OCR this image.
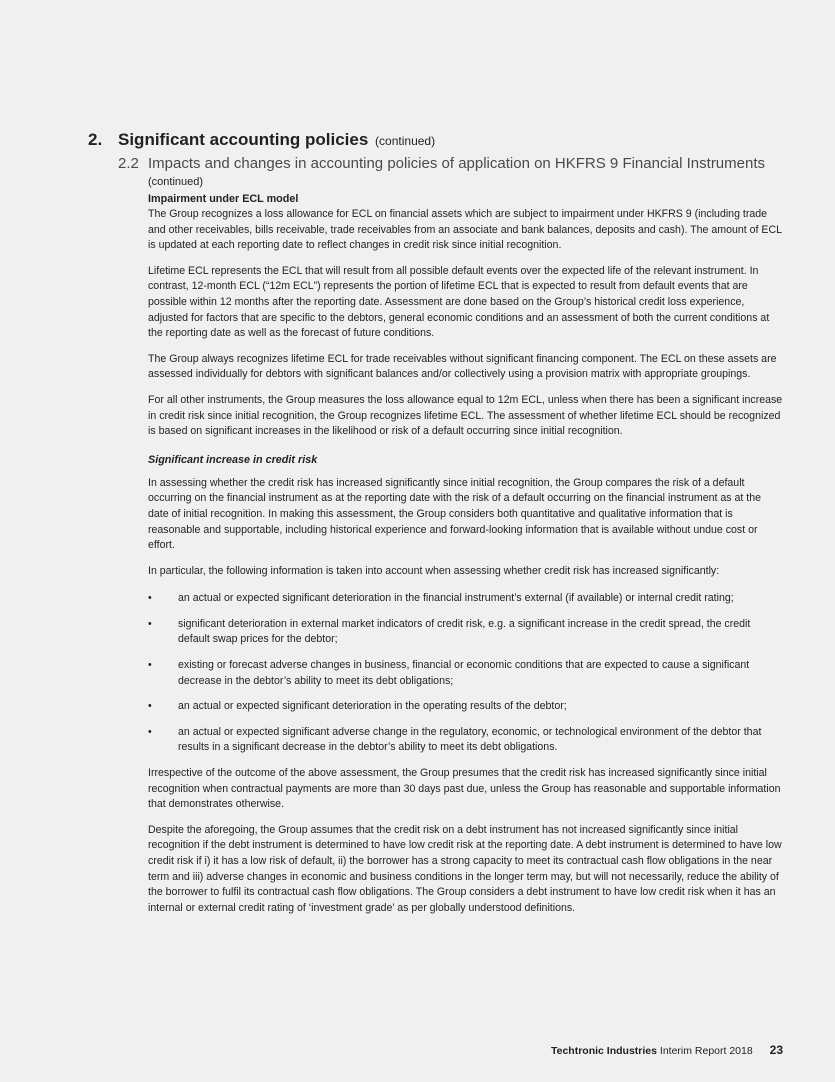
2. Significant accounting policies (continued)
2.2 Impacts and changes in accounting policies of application on HKFRS 9 Financial Instruments
(continued)
Impairment under ECL model

The Group recognizes a loss allowance for ECL on financial assets which are subject to impairment under HKFRS 9 (including trade and other receivables, bills receivable, trade receivables from an associate and bank balances, deposits and cash). The amount of ECL is updated at each reporting date to reflect changes in credit risk since initial recognition.

Lifetime ECL represents the ECL that will result from all possible default events over the expected life of the relevant instrument. In contrast, 12-month ECL (“12m ECL”) represents the portion of lifetime ECL that is expected to result from default events that are possible within 12 months after the reporting date. Assessment are done based on the Group’s historical credit loss experience, adjusted for factors that are specific to the debtors, general economic conditions and an assessment of both the current conditions at the reporting date as well as the forecast of future conditions.

The Group always recognizes lifetime ECL for trade receivables without significant financing component. The ECL on these assets are assessed individually for debtors with significant balances and/or collectively using a provision matrix with appropriate groupings.

For all other instruments, the Group measures the loss allowance equal to 12m ECL, unless when there has been a significant increase in credit risk since initial recognition, the Group recognizes lifetime ECL. The assessment of whether lifetime ECL should be recognized is based on significant increases in the likelihood or risk of a default occurring since initial recognition.

Significant increase in credit risk

In assessing whether the credit risk has increased significantly since initial recognition, the Group compares the risk of a default occurring on the financial instrument as at the reporting date with the risk of a default occurring on the financial instrument as at the date of initial recognition. In making this assessment, the Group considers both quantitative and qualitative information that is reasonable and supportable, including historical experience and forward-looking information that is available without undue cost or effort.

In particular, the following information is taken into account when assessing whether credit risk has increased significantly:

• an actual or expected significant deterioration in the financial instrument’s external (if available) or internal credit rating;
• significant deterioration in external market indicators of credit risk, e.g. a significant increase in the credit spread, the credit default swap prices for the debtor;
• existing or forecast adverse changes in business, financial or economic conditions that are expected to cause a significant decrease in the debtor’s ability to meet its debt obligations;
• an actual or expected significant deterioration in the operating results of the debtor;
• an actual or expected significant adverse change in the regulatory, economic, or technological environment of the debtor that results in a significant decrease in the debtor’s ability to meet its debt obligations.

Irrespective of the outcome of the above assessment, the Group presumes that the credit risk has increased significantly since initial recognition when contractual payments are more than 30 days past due, unless the Group has reasonable and supportable information that demonstrates otherwise.

Despite the aforegoing, the Group assumes that the credit risk on a debt instrument has not increased significantly since initial recognition if the debt instrument is determined to have low credit risk at the reporting date. A debt instrument is determined to have low credit risk if i) it has a low risk of default, ii) the borrower has a strong capacity to meet its contractual cash flow obligations in the near term and iii) adverse changes in economic and business conditions in the longer term may, but will not necessarily, reduce the ability of the borrower to fulfil its contractual cash flow obligations. The Group considers a debt instrument to have low credit risk when it has an internal or external credit rating of ‘investment grade’ as per globally understood definitions.

Techtronic Industries Interim Report 2018 23
